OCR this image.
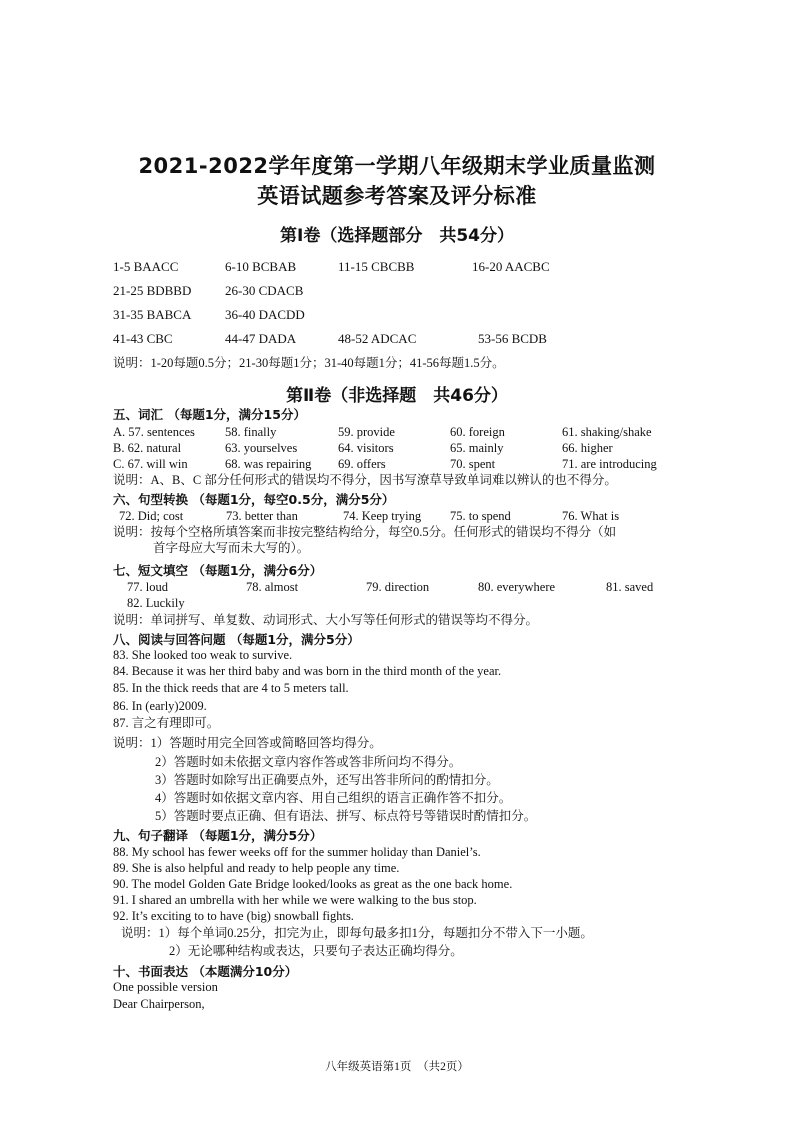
2021-2022学年度第一学期八年级期末学业质量监测
英语试题参考答案及评分标准
第Ⅰ卷（选择题部分　共54分）
1-5 BAACC	6-10 BCBAB	11-15 CBCBB	16-20 AACBC
21-25 BDBBD	26-30 CDACB
31-35 BABCA	36-40 DACDD
41-43 CBC	44-47 DADA	48-52 ADCAC	53-56 BCDB
说明：1-20每题0.5分；21-30每题1分；31-40每题1分；41-56每题1.5分。
第Ⅱ卷（非选择题　共46分）
五、词汇 （每题1分，满分15分）
A. 57. sentences 58. finally	59. provide	60. foreign	61. shaking/shake
B. 62. natural	63. yourselves	64. visitors	65. mainly	66. higher
C. 67. will win	68. was repairing 69. offers	70. spent	71. are introducing
说明：A、B、C 部分任何形式的错误均不得分，因书写潦草导致单词难以辨认的也不得分。
六、句型转换 （每题1分，每空0.5分，满分5分）
72. Did; cost	73. better than	74. Keep trying 75. to spend	76. What is
说明：按每个空格所填答案而非按完整结构给分，每空0.5分。任何形式的错误均不得分（如
首字母应大写而未大写的）。
七、短文填空 （每题1分，满分6分）
77. loud	78. almost	79. direction	80. everywhere	81. saved
82. Luckily
说明：单词拼写、单复数、动词形式、大小写等任何形式的错误等均不得分。
八、阅读与回答问题 （每题1分，满分5分）
83. She looked too weak to survive.
84. Because it was her third baby and was born in the third month of the year.
85. In the thick reeds that are 4 to 5 meters tall.
86. In (early)2009.
87. 言之有理即可。
说明：1）答题时用完全回答或简略回答均得分。
2）答题时如未依据文章内容作答或答非所问均不得分。
3）答题时如除写出正确要点外，还写出答非所问的酌情扣分。
4）答题时如依据文章内容、用自己组织的语言正确作答不扣分。
5）答题时要点正确、但有语法、拼写、标点符号等错误时酌情扣分。
九、句子翻译 （每题1分，满分5分）
88. My school has fewer weeks off for the summer holiday than Daniel’s.
89. She is also helpful and ready to help people any time.
90. The model Golden Gate Bridge looked/looks as great as the one back home.
91. I shared an umbrella with her while we were walking to the bus stop.
92. It’s exciting to to have (big) snowball fights.
说明：1）每个单词0.25分，扣完为止，即每句最多扣1分，每题扣分不带入下一小题。
2）无论哪种结构或表达，只要句子表达正确均得分。
十、书面表达 （本题满分10分）
One possible version
Dear Chairperson,
八年级英语第1页　（共2页）
